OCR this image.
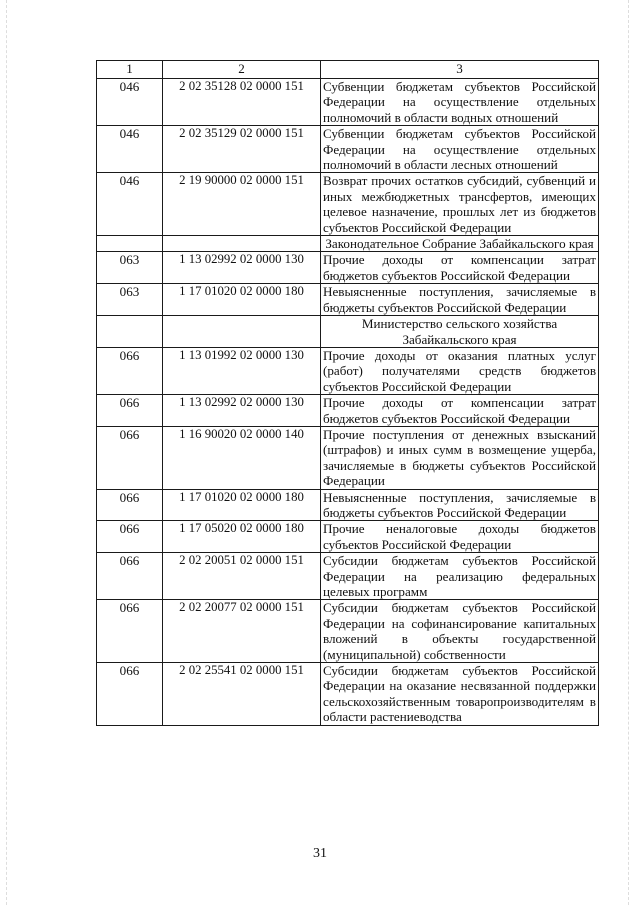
1	2	3
046	2 02 35128 02 0000 151	Субвенции бюджетам субъектов Российской Федерации на осуществление отдельных полномочий в области водных отношений
046	2 02 35129 02 0000 151	Субвенции бюджетам субъектов Российской Федерации на осуществление отдельных полномочий в области лесных отношений
046	2 19 90000 02 0000 151	Возврат прочих остатков субсидий, субвенций и иных межбюджетных трансфертов, имеющих целевое назначение, прошлых лет из бюджетов субъектов Российской Федерации
		Законодательное Собрание Забайкальского края
063	1 13 02992 02 0000 130	Прочие доходы от компенсации затрат бюджетов субъектов Российской Федерации
063	1 17 01020 02 0000 180	Невыясненные поступления, зачисляемые в бюджеты субъектов Российской Федерации
		Министерство сельского хозяйства Забайкальского края
066	1 13 01992 02 0000 130	Прочие доходы от оказания платных услуг (работ) получателями средств бюджетов субъектов Российской Федерации
066	1 13 02992 02 0000 130	Прочие доходы от компенсации затрат бюджетов субъектов Российской Федерации
066	1 16 90020 02 0000 140	Прочие поступления от денежных взысканий (штрафов) и иных сумм в возмещение ущерба, зачисляемые в бюджеты субъектов Российской Федерации
066	1 17 01020 02 0000 180	Невыясненные поступления, зачисляемые в бюджеты субъектов Российской Федерации
066	1 17 05020 02 0000 180	Прочие неналоговые доходы бюджетов субъектов Российской Федерации
066	2 02 20051 02 0000 151	Субсидии бюджетам субъектов Российской Федерации на реализацию федеральных целевых программ
066	2 02 20077 02 0000 151	Субсидии бюджетам субъектов Российской Федерации на софинансирование капитальных вложений в объекты государственной (муниципальной) собственности
066	2 02 25541 02 0000 151	Субсидии бюджетам субъектов Российской Федерации на оказание несвязанной поддержки сельскохозяйственным товаропроизводителям в области растениеводства
31
